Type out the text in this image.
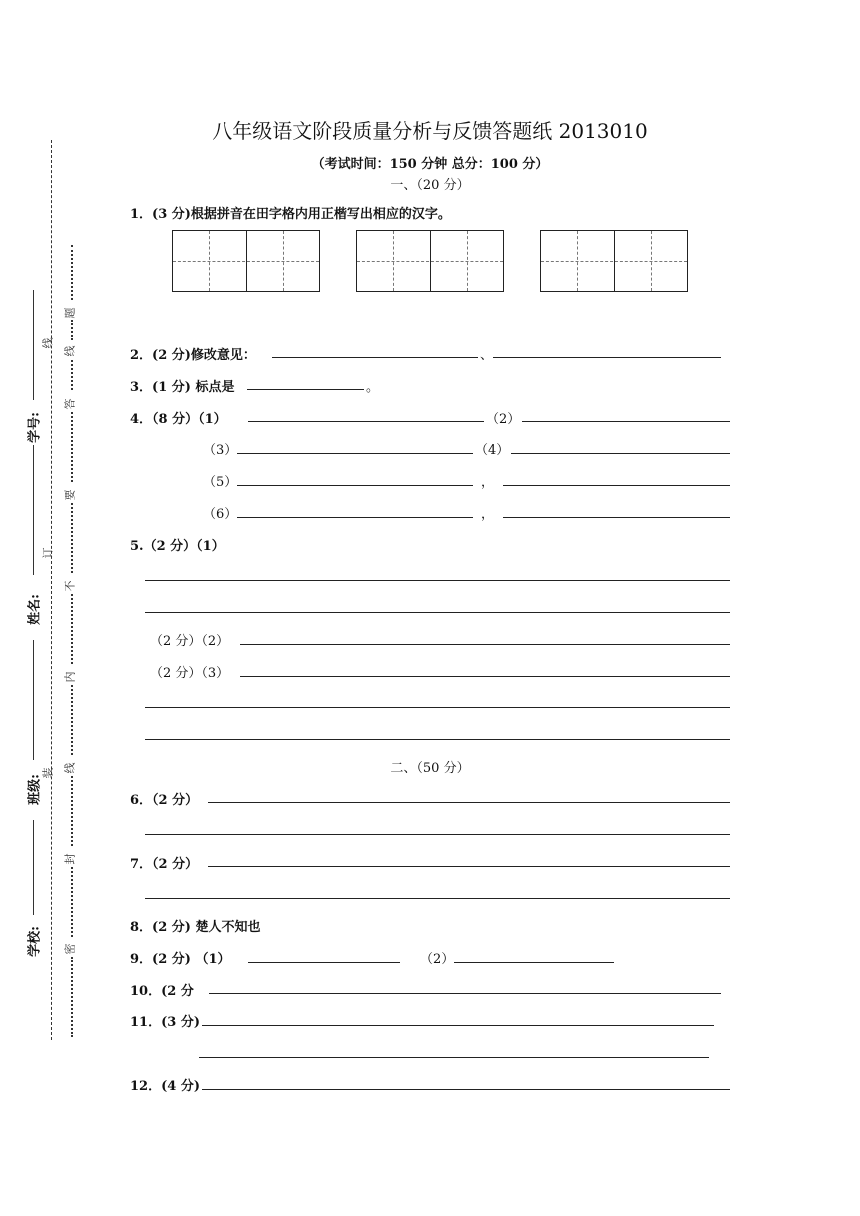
学号:
姓名:
班级:
学校:
线
订
装
题
线
答
要
不
内
线
封
密
八年级语文阶段质量分析与反馈答题纸 2013010
（考试时间：150 分钟 总分：100 分）
一、（20 分）
1．(3 分)根据拼音在田字格内用正楷写出相应的汉字。
2．(2 分)修改意见：	、
3．(1 分) 标点是	。
4．（8 分）（1）	（2）
（3）	（4）
（5）	，
（6）	，
5.（2 分）（1）
（2 分）（2）
（2 分）（3）
二、（50 分）
6．（2 分）
7．（2 分）
8．(2 分) 楚人不知也
9．(2 分) （1）	（2）
10．(2 分
11．(3 分)
12．(4 分)
